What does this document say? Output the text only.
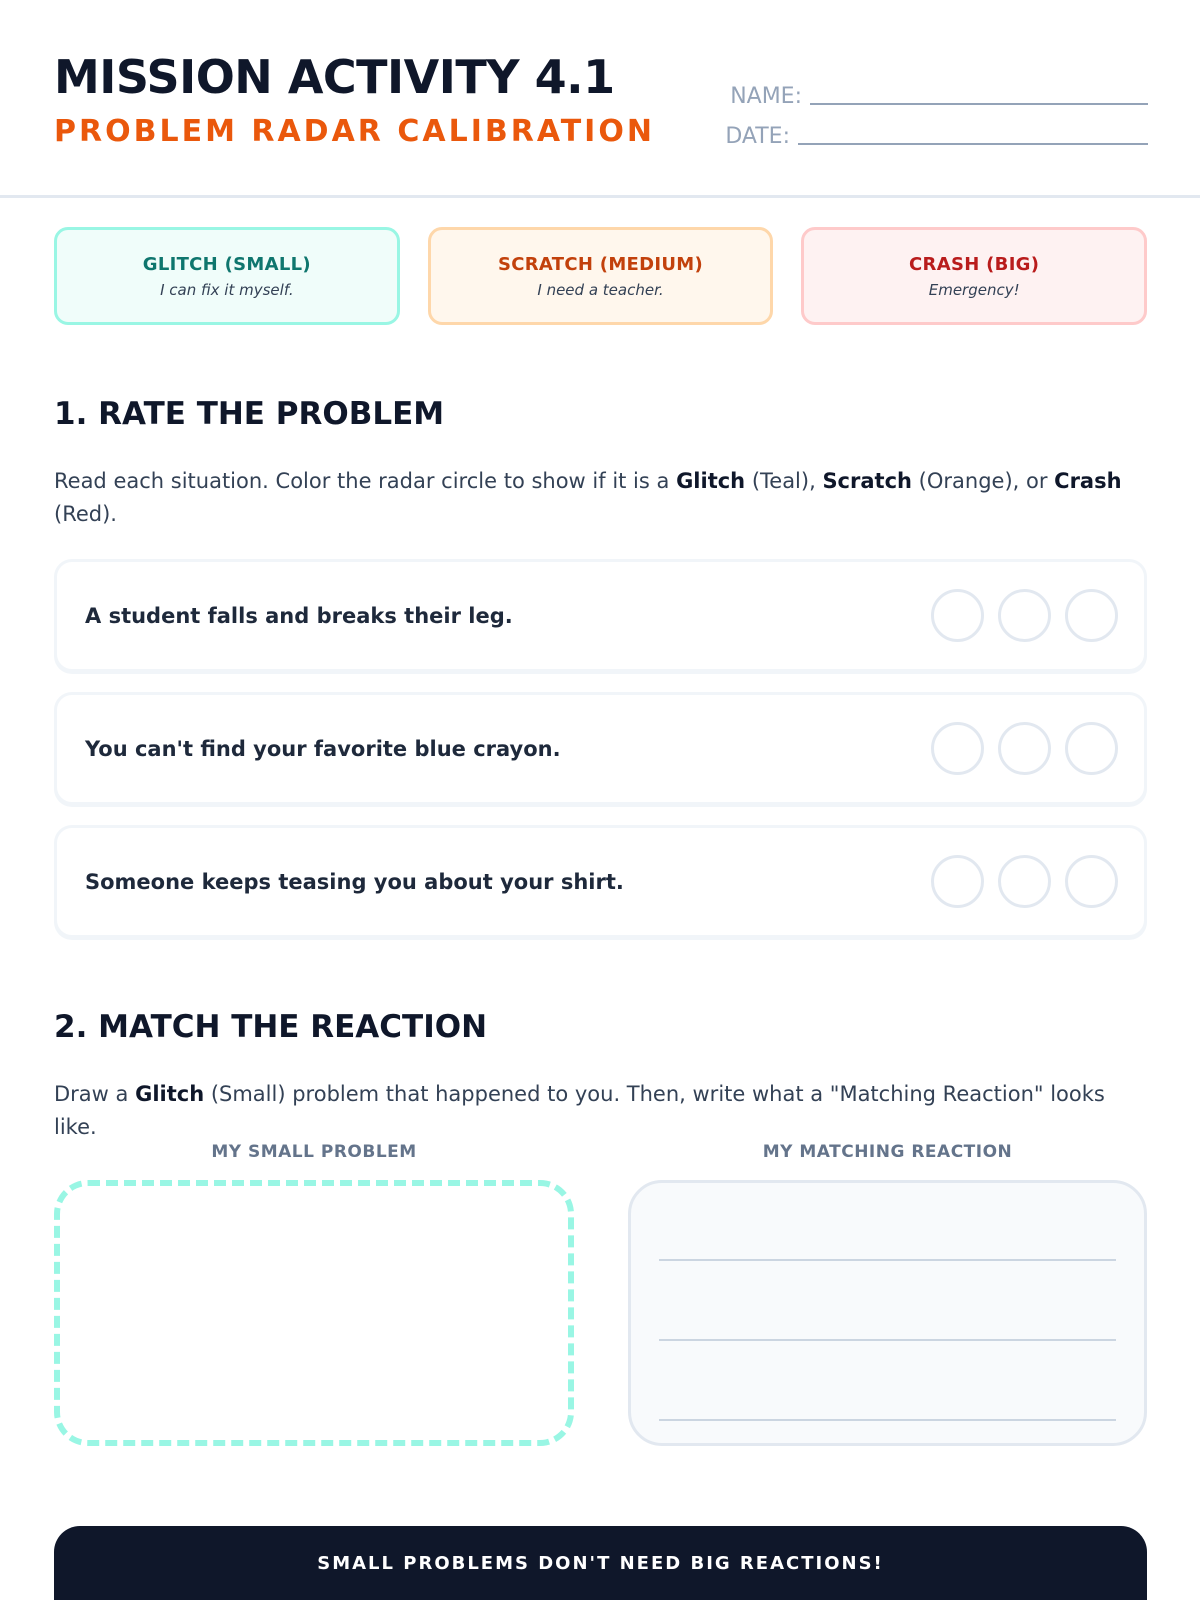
MISSION ACTIVITY 4.1
PROBLEM RADAR CALIBRATION
NAME:
DATE:
GLITCH (SMALL)
I can fix it myself.
SCRATCH (MEDIUM)
I need a teacher.
CRASH (BIG)
Emergency!
1. RATE THE PROBLEM
Read each situation. Color the radar circle to show if it is a Glitch (Teal), Scratch (Orange), or Crash (Red).
A student falls and breaks their leg.
You can't find your favorite blue crayon.
Someone keeps teasing you about your shirt.
2. MATCH THE REACTION
Draw a Glitch (Small) problem that happened to you. Then, write what a "Matching Reaction" looks like.
MY SMALL PROBLEM	MY MATCHING REACTION
SMALL PROBLEMS DON'T NEED BIG REACTIONS!
